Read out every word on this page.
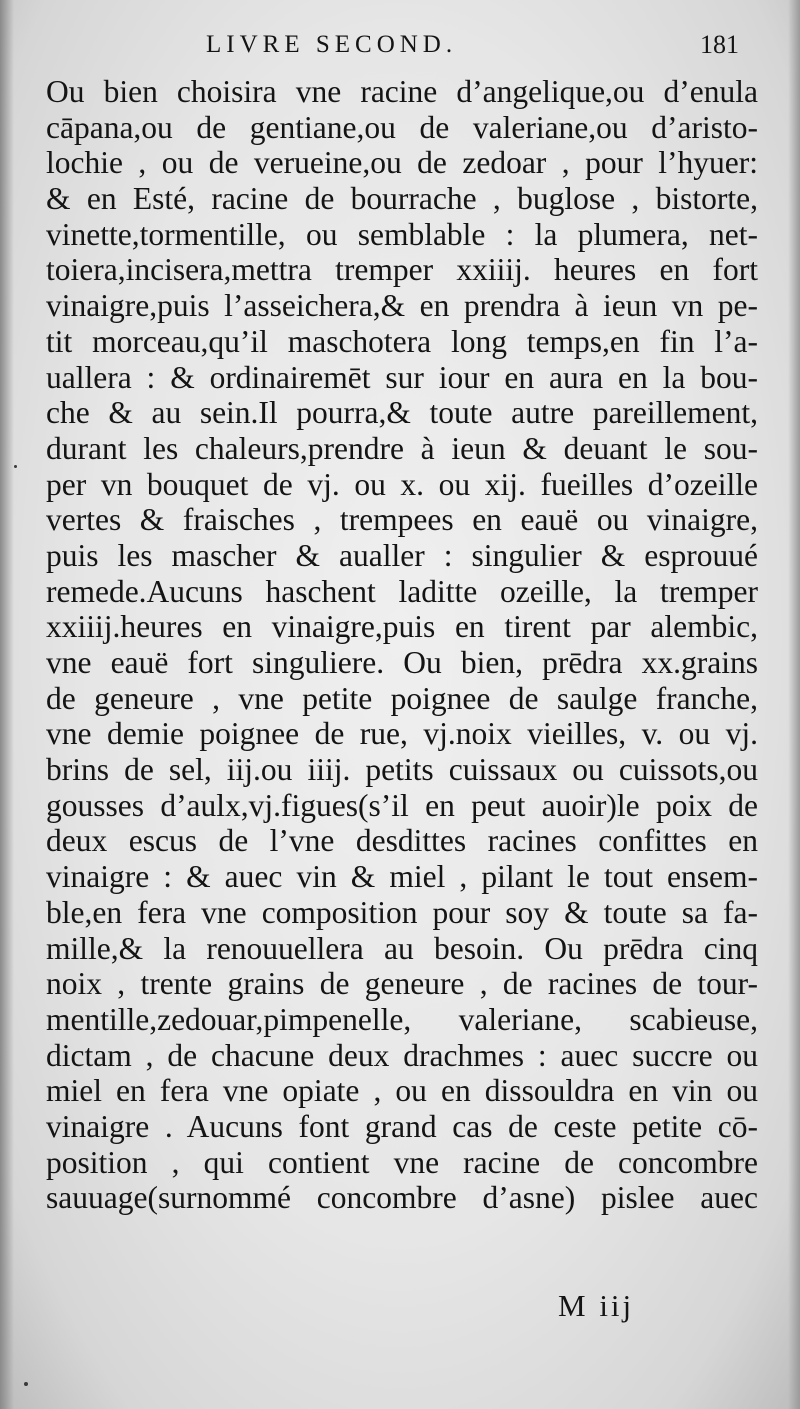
LIVRE SECOND.	181
Ou bien choisira vne racine d’angelique,ou d’enula
cāpana,ou de gentiane,ou de valeriane,ou d’aristo-
lochie , ou de verueine,ou de zedoar , pour l’hyuer:
& en Esté, racine de bourrache , buglose , bistorte,
vinette,tormentille, ou semblable : la plumera, net-
toiera,incisera,mettra tremper xxiiij. heures en fort
vinaigre,puis l’asseichera,& en prendra à ieun vn pe-
tit morceau,qu’il maschotera long temps,en fin l’a-
uallera : & ordinairemēt sur iour en aura en la bou-
che & au sein.Il pourra,& toute autre pareillement,
durant les chaleurs,prendre à ieun & deuant le sou-
per vn bouquet de vj. ou x. ou xij. fueilles d’ozeille
vertes & fraisches , trempees en eauë ou vinaigre,
puis les mascher & aualler : singulier & esprouué
remede.Aucuns haschent laditte ozeille, la tremper
xxiiij.heures en vinaigre,puis en tirent par alembic,
vne eauë fort singuliere. Ou bien, prēdra xx.grains
de geneure , vne petite poignee de saulge franche,
vne demie poignee de rue, vj.noix vieilles, v. ou vj.
brins de sel, iij.ou iiij. petits cuissaux ou cuissots,ou
gousses d’aulx,vj.figues(s’il en peut auoir)le poix de
deux escus de l’vne desdittes racines confittes en
vinaigre : & auec vin & miel , pilant le tout ensem-
ble,en fera vne composition pour soy & toute sa fa-
mille,& la renouuellera au besoin. Ou prēdra cinq
noix , trente grains de geneure , de racines de tour-
mentille,zedouar,pimpenelle, valeriane, scabieuse,
dictam , de chacune deux drachmes : auec succre ou
miel en fera vne opiate , ou en dissouldra en vin ou
vinaigre . Aucuns font grand cas de ceste petite cō-
position , qui contient vne racine de concombre
sauuage(surnommé concombre d’asne) pislee auec
M iij
